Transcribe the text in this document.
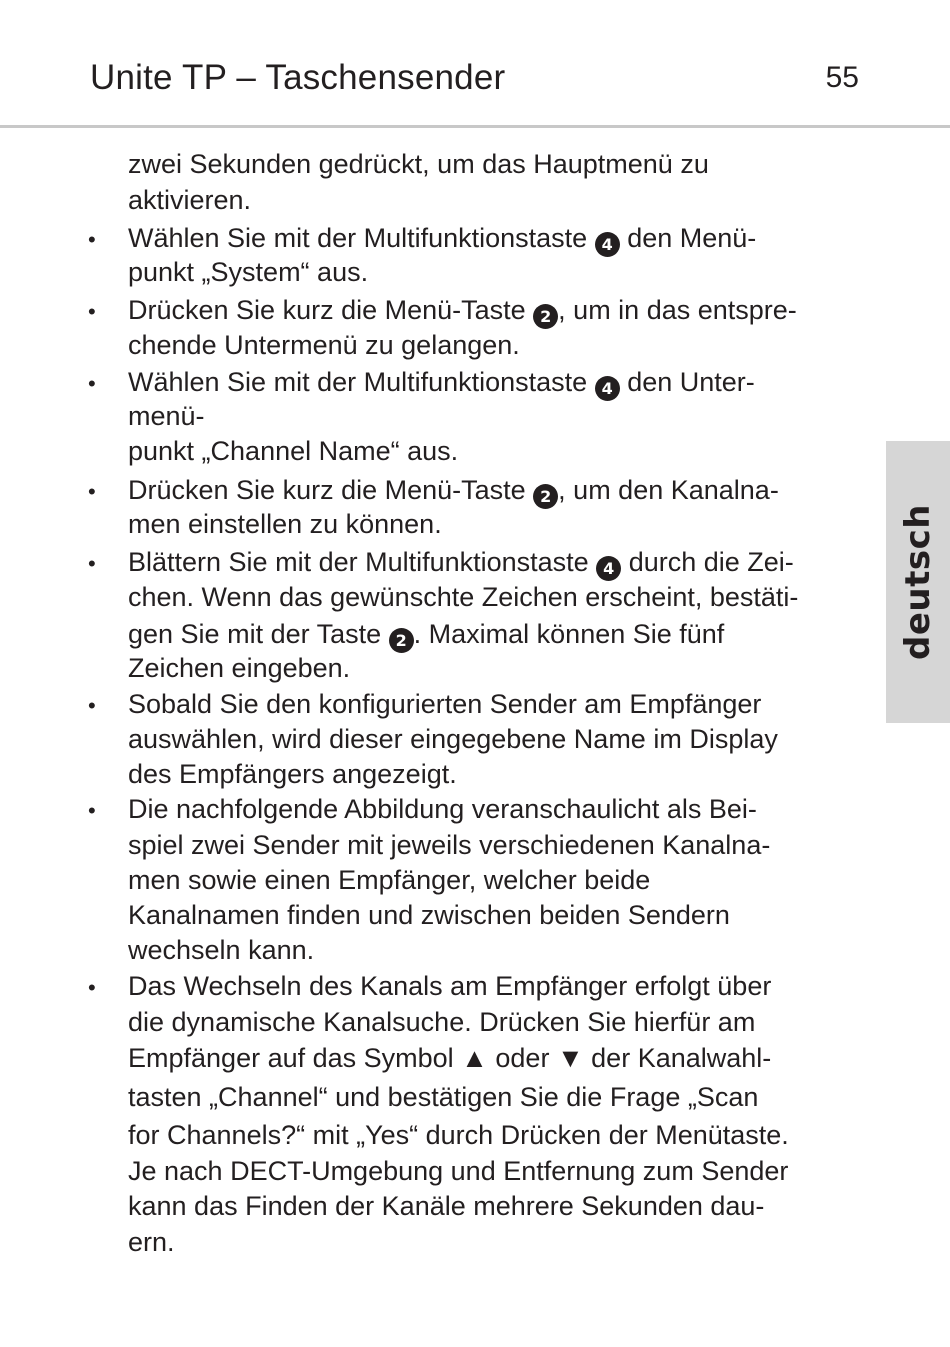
Unite TP – Taschensender	55
deutsch
zwei Sekunden gedrückt, um das Hauptmenü zu
aktivieren.
• Wählen Sie mit der Multifunktionstaste 4 den Menü-
punkt „System“ aus.
• Drücken Sie kurz die Menü-Taste 2 , um in das entspre-
chende Untermenü zu gelangen.
• Wählen Sie mit der Multifunktionstaste 4 den Unter-
menü-
punkt „Channel Name“ aus.
• Drücken Sie kurz die Menü-Taste 2 , um den Kanalna-
men einstellen zu können.
• Blättern Sie mit der Multifunktionstaste 4 durch die Zei-
chen. Wenn das gewünschte Zeichen erscheint, bestäti-
gen Sie mit der Taste 2 . Maximal können Sie fünf
Zeichen eingeben.
• Sobald Sie den konfigurierten Sender am Empfänger
auswählen, wird dieser eingegebene Name im Display
des Empfängers angezeigt.
• Die nachfolgende Abbildung veranschaulicht als Bei-
spiel zwei Sender mit jeweils verschiedenen Kanalna-
men sowie einen Empfänger, welcher beide
Kanalnamen finden und zwischen beiden Sendern
wechseln kann.
• Das Wechseln des Kanals am Empfänger erfolgt über
die dynamische Kanalsuche. Drücken Sie hierfür am
Empfänger auf das Symbol ▲ oder ▼ der Kanalwahl-
tasten „Channel“ und bestätigen Sie die Frage „Scan
for Channels?“ mit „Yes“ durch Drücken der Menütaste.
Je nach DECT-Umgebung und Entfernung zum Sender
kann das Finden der Kanäle mehrere Sekunden dau-
ern.
